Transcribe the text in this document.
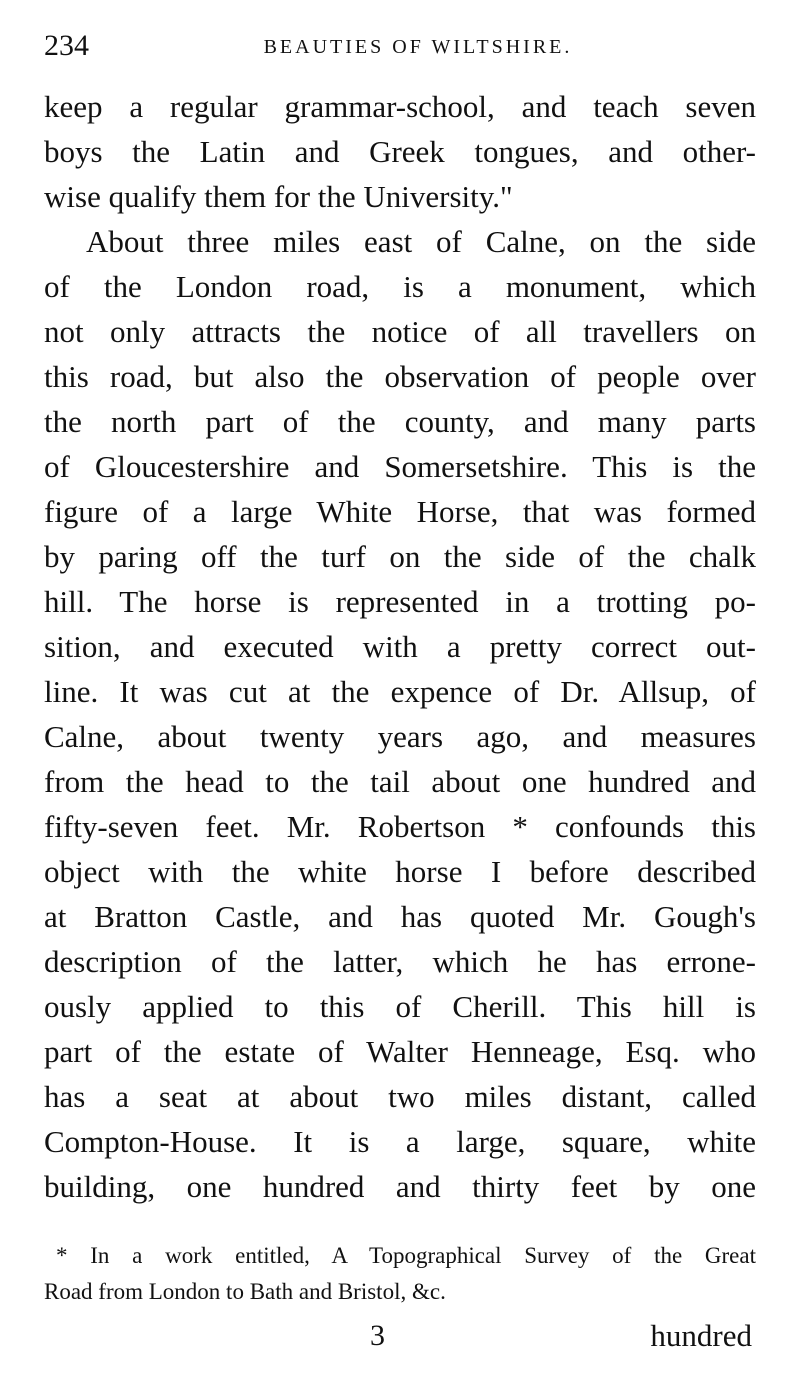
234	BEAUTIES OF WILTSHIRE.
keep a regular grammar-school, and teach seven
boys the Latin and Greek tongues, and other-
wise qualify them for the University."
About three miles east of Calne, on the side
of the London road, is a monument, which
not only attracts the notice of all travellers on
this road, but also the observation of people over
the north part of the county, and many parts
of Gloucestershire and Somersetshire. This is the
figure of a large White Horse, that was formed
by paring off the turf on the side of the chalk
hill. The horse is represented in a trotting po-
sition, and executed with a pretty correct out-
line. It was cut at the expence of Dr. Allsup, of
Calne, about twenty years ago, and measures
from the head to the tail about one hundred and
fifty-seven feet. Mr. Robertson * confounds this
object with the white horse I before described
at Bratton Castle, and has quoted Mr. Gough's
description of the latter, which he has errone-
ously applied to this of Cherill. This hill is
part of the estate of Walter Henneage, Esq. who
has a seat at about two miles distant, called
Compton-House. It is a large, square, white
building, one hundred and thirty feet by one
* In a work entitled, A Topographical Survey of the Great
Road from London to Bath and Bristol, &c.
3	hundred
